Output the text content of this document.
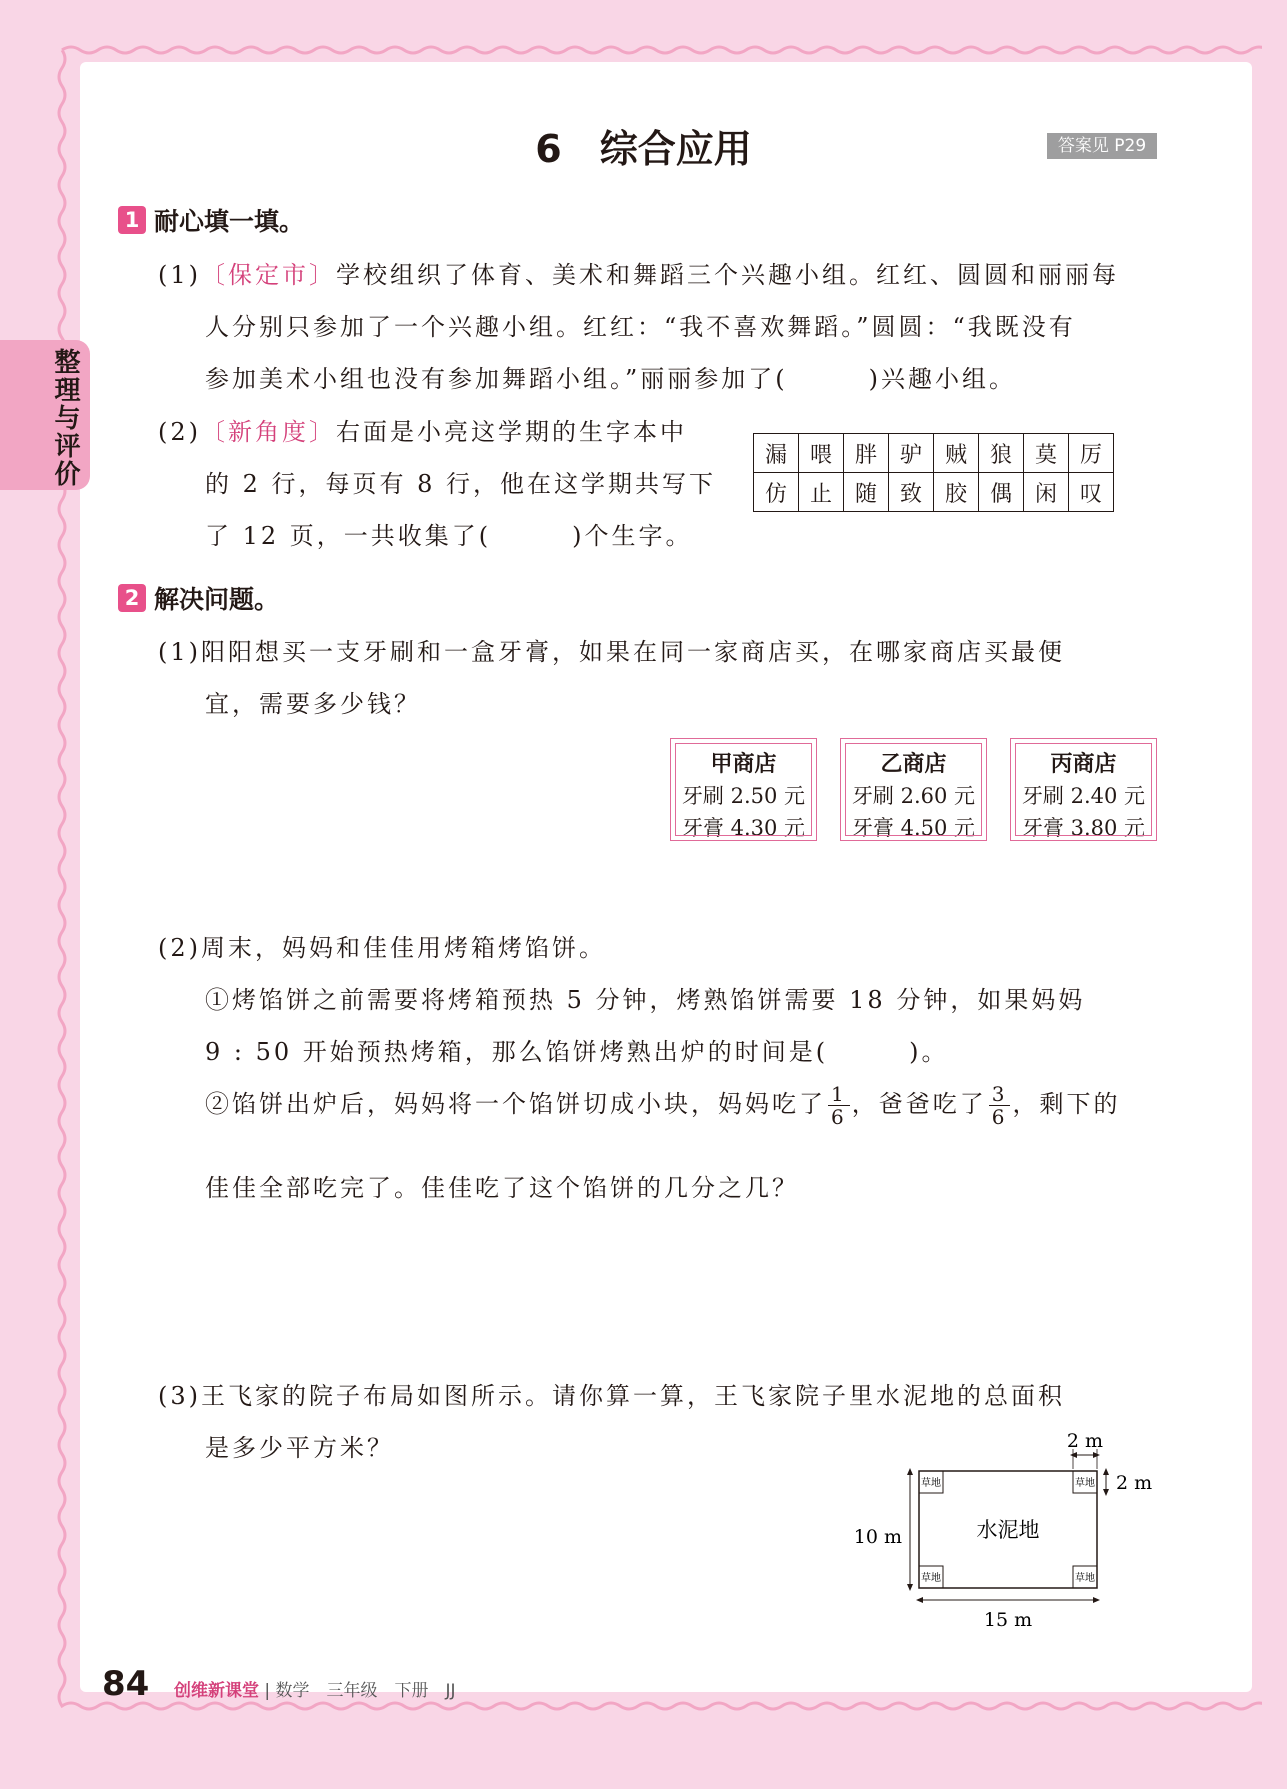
整理与评价
6　综合应用	答案见 P29
1 耐心填一填。
(1)〔保定市〕学校组织了体育、美术和舞蹈三个兴趣小组。红红、圆圆和丽丽每
人分别只参加了一个兴趣小组。红红：“我不喜欢舞蹈。”圆圆：“我既没有
参加美术小组也没有参加舞蹈小组。”丽丽参加了(　　　)兴趣小组。
(2)〔新角度〕右面是小亮这学期的生字本中
的 2 行，每页有 8 行，他在这学期共写下
了 12 页，一共收集了(　　　)个生字。
漏	喂	胖	驴	贼	狼	莫	厉
仿	止	随	致	胶	偶	闲	叹
2 解决问题。
(1)阳阳想买一支牙刷和一盒牙膏，如果在同一家商店买，在哪家商店买最便
宜，需要多少钱？
甲商店
牙刷 2.50 元
牙膏 4.30 元
乙商店
牙刷 2.60 元
牙膏 4.50 元
丙商店
牙刷 2.40 元
牙膏 3.80 元
(2)周末，妈妈和佳佳用烤箱烤馅饼。
①烤馅饼之前需要将烤箱预热 5 分钟，烤熟馅饼需要 18 分钟，如果妈妈
9 : 50 开始预热烤箱，那么馅饼烤熟出炉的时间是(　　　)。
②馅饼出炉后，妈妈将一个馅饼切成小块，妈妈吃了 $\frac{1}{6}$ ，爸爸吃了 $\frac{3}{6}$ ，剩下的
佳佳全部吃完了。佳佳吃了这个馅饼的几分之几？
(3)王飞家的院子布局如图所示。请你算一算，王飞家院子里水泥地的总面积
是多少平方米？
草地	草地
草地	草地
水泥地
2 m
2 m
10 m
15 m
84 创维新课堂 | 数学　三年级　下册　JJ
